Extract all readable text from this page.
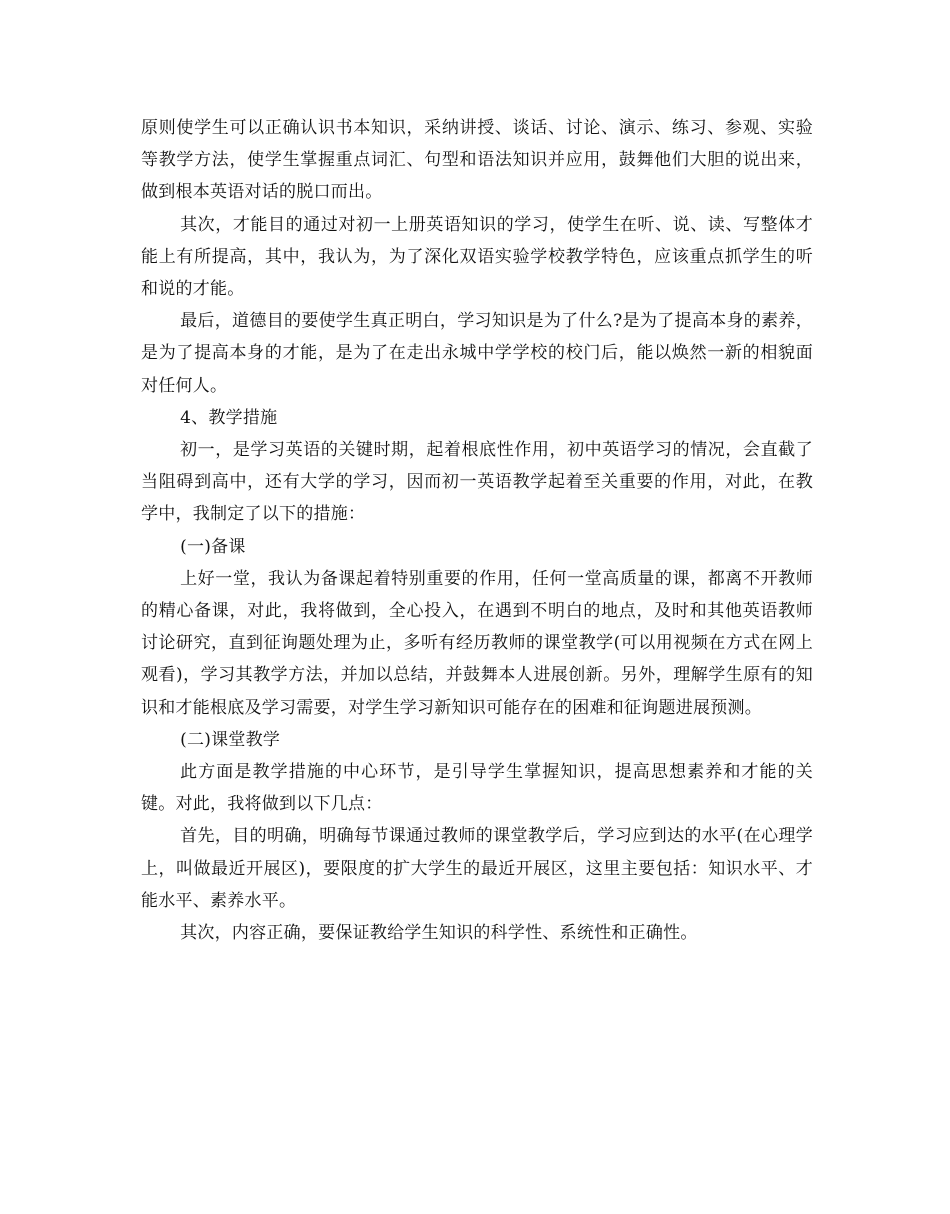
原则使学生可以正确认识书本知识，采纳讲授、谈话、讨论、演示、练习、参观、实验等教学方法，使学生掌握重点词汇、句型和语法知识并应用，鼓舞他们大胆的说出来，做到根本英语对话的脱口而出。

其次，才能目的通过对初一上册英语知识的学习，使学生在听、说、读、写整体才能上有所提高，其中，我认为，为了深化双语实验学校教学特色，应该重点抓学生的听和说的才能。

最后，道德目的要使学生真正明白，学习知识是为了什么?是为了提高本身的素养，是为了提高本身的才能，是为了在走出永城中学学校的校门后，能以焕然一新的相貌面对任何人。

4、教学措施

初一，是学习英语的关键时期，起着根底性作用，初中英语学习的情况，会直截了当阻碍到高中，还有大学的学习，因而初一英语教学起着至关重要的作用，对此，在教学中，我制定了以下的措施：

(一)备课

上好一堂，我认为备课起着特别重要的作用，任何一堂高质量的课，都离不开教师的精心备课，对此，我将做到，全心投入，在遇到不明白的地点，及时和其他英语教师讨论研究，直到征询题处理为止，多听有经历教师的课堂教学(可以用视频在方式在网上观看)，学习其教学方法，并加以总结，并鼓舞本人进展创新。另外，理解学生原有的知识和才能根底及学习需要，对学生学习新知识可能存在的困难和征询题进展预测。

(二)课堂教学

此方面是教学措施的中心环节，是引导学生掌握知识，提高思想素养和才能的关键。对此，我将做到以下几点：

首先，目的明确，明确每节课通过教师的课堂教学后，学习应到达的水平(在心理学上，叫做最近开展区)，要限度的扩大学生的最近开展区，这里主要包括：知识水平、才能水平、素养水平。

其次，内容正确，要保证教给学生知识的科学性、系统性和正确性。
